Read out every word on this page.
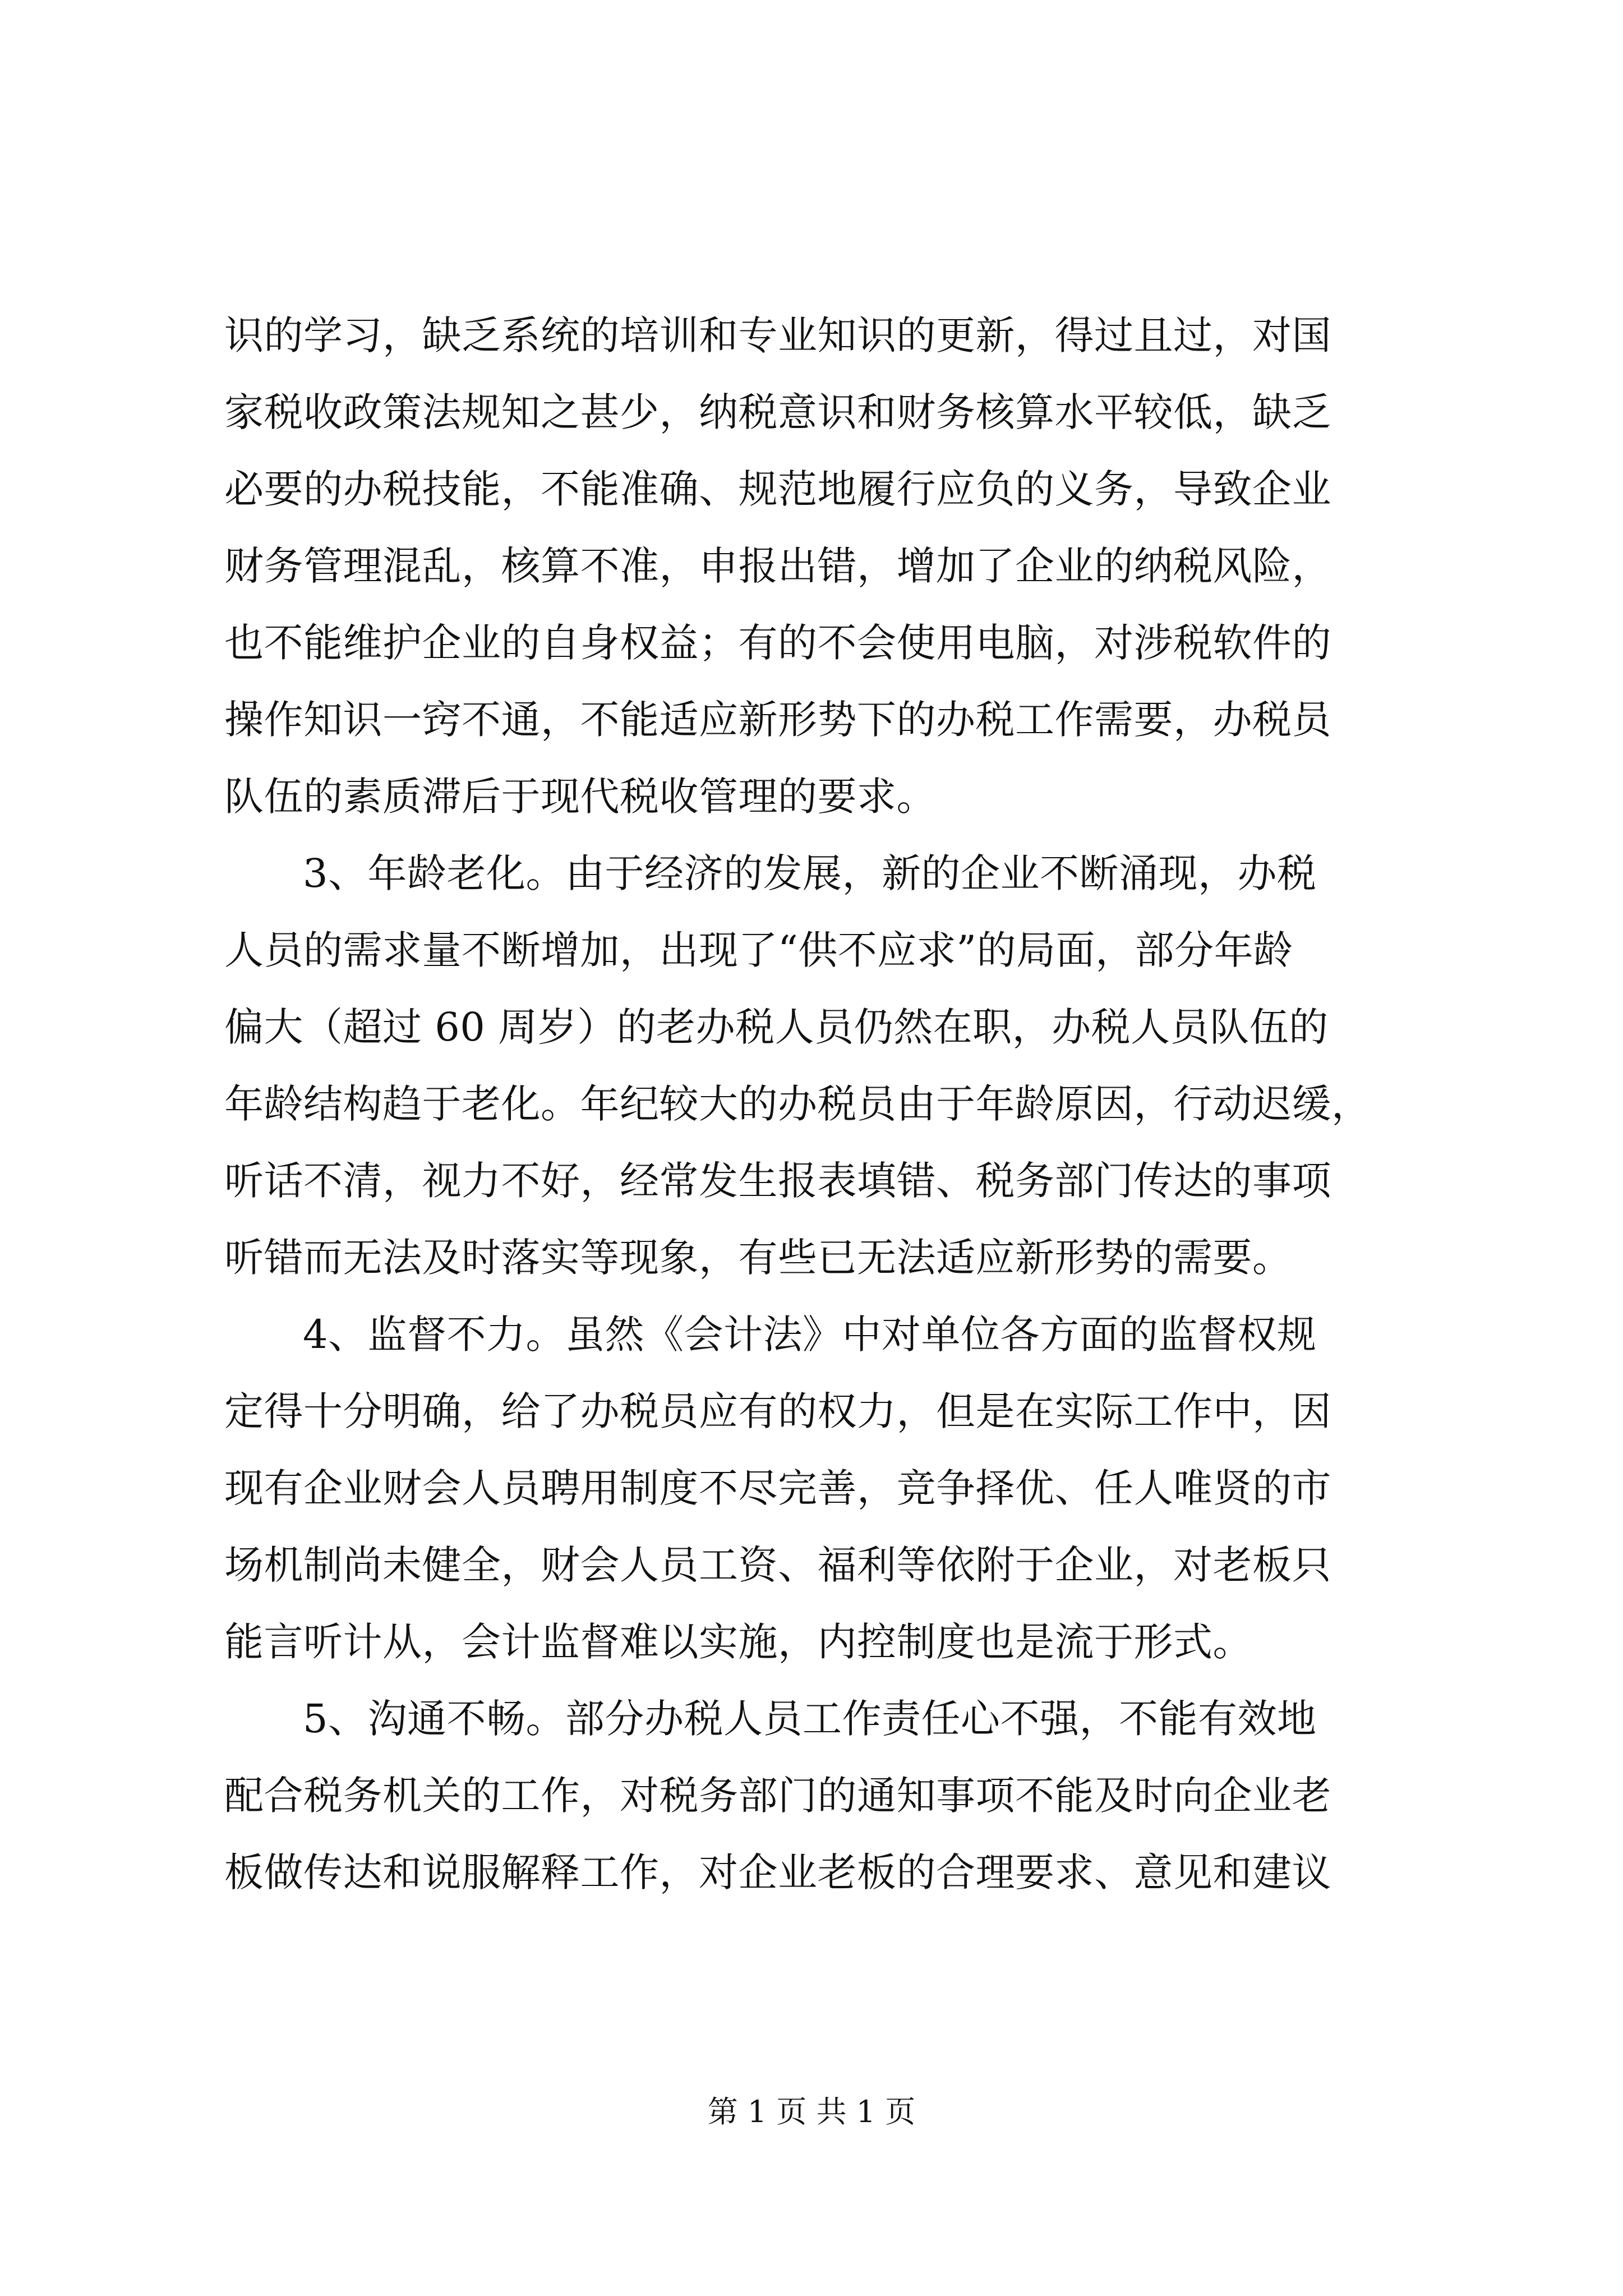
识的学习，缺乏系统的培训和专业知识的更新，得过且过，对国
家税收政策法规知之甚少，纳税意识和财务核算水平较低，缺乏
必要的办税技能，不能准确、规范地履行应负的义务，导致企业
财务管理混乱，核算不准，申报出错，增加了企业的纳税风险，
也不能维护企业的自身权益；有的不会使用电脑，对涉税软件的
操作知识一窍不通，不能适应新形势下的办税工作需要，办税员
队伍的素质滞后于现代税收管理的要求。
3、年龄老化。由于经济的发展，新的企业不断涌现，办税
人员的需求量不断增加，出现了“供不应求”的局面，部分年龄
偏大（超过 60 周岁）的老办税人员仍然在职，办税人员队伍的
年龄结构趋于老化。年纪较大的办税员由于年龄原因，行动迟缓，
听话不清，视力不好，经常发生报表填错、税务部门传达的事项
听错而无法及时落实等现象，有些已无法适应新形势的需要。
4、监督不力。虽然《会计法》中对单位各方面的监督权规
定得十分明确，给了办税员应有的权力，但是在实际工作中，因
现有企业财会人员聘用制度不尽完善，竞争择优、任人唯贤的市
场机制尚未健全，财会人员工资、福利等依附于企业，对老板只
能言听计从，会计监督难以实施，内控制度也是流于形式。
5、沟通不畅。部分办税人员工作责任心不强，不能有效地
配合税务机关的工作，对税务部门的通知事项不能及时向企业老
板做传达和说服解释工作，对企业老板的合理要求、意见和建议
第 1 页 共 1 页
